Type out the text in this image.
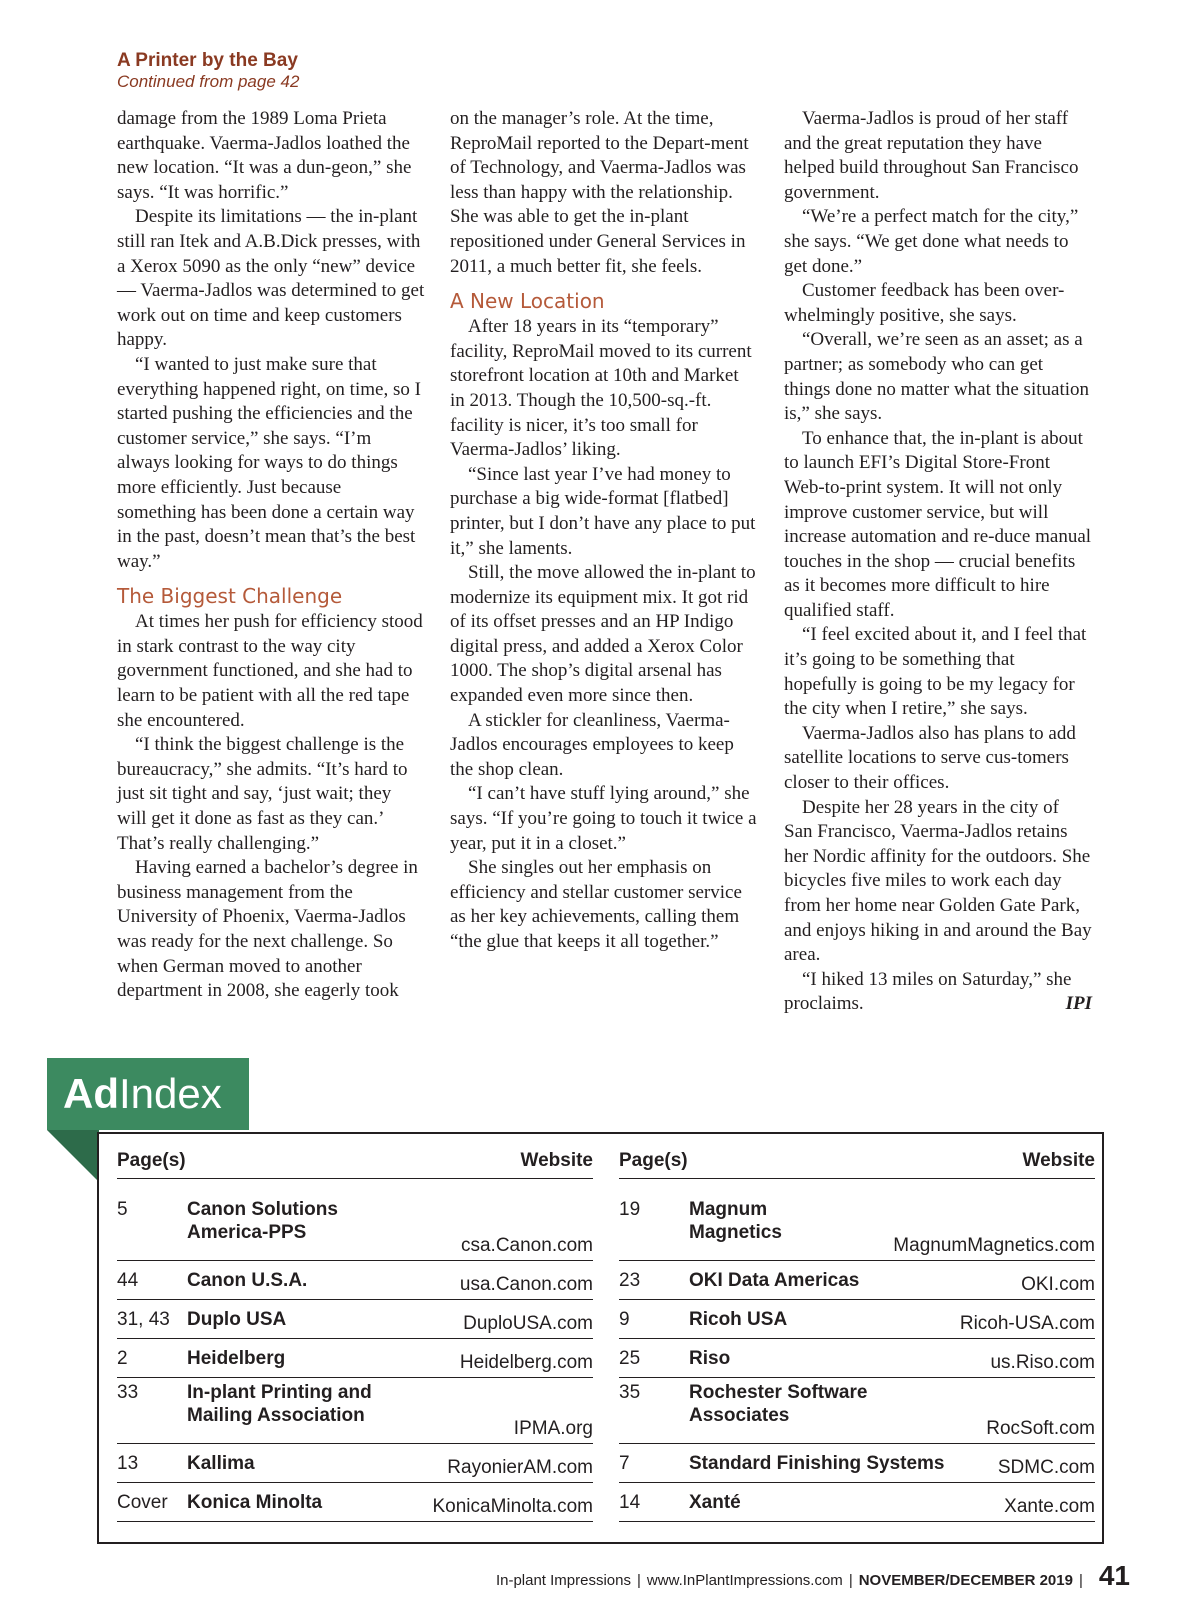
A Printer by the Bay
Continued from page 42

damage from the 1989 Loma Prieta earthquake. Vaerma-Jadlos loathed the new location. “It was a dun-geon,” she says. “It was horrific.”

Despite its limitations — the in-plant still ran Itek and A.B.Dick presses, with a Xerox 5090 as the only “new” device — Vaerma-Jadlos was determined to get work out on time and keep customers happy.

“I wanted to just make sure that everything happened right, on time, so I started pushing the efficiencies and the customer service,” she says. “I’m always looking for ways to do things more efficiently. Just because something has been done a certain way in the past, doesn’t mean that’s the best way.”

The Biggest Challenge

At times her push for efficiency stood in stark contrast to the way city government functioned, and she had to learn to be patient with all the red tape she encountered.

“I think the biggest challenge is the bureaucracy,” she admits. “It’s hard to just sit tight and say, ‘just wait; they will get it done as fast as they can.’ That’s really challenging.”

Having earned a bachelor’s degree in business management from the University of Phoenix, Vaerma-Jadlos was ready for the next challenge. So when German moved to another department in 2008, she eagerly took

on the manager’s role. At the time, ReproMail reported to the Depart-ment of Technology, and Vaerma-Jadlos was less than happy with the relationship. She was able to get the in-plant repositioned under General Services in 2011, a much better fit, she feels.

A New Location

After 18 years in its “temporary” facility, ReproMail moved to its current storefront location at 10th and Market in 2013. Though the 10,500-sq.-ft. facility is nicer, it’s too small for Vaerma-Jadlos’ liking.

“Since last year I’ve had money to purchase a big wide-format [flatbed] printer, but I don’t have any place to put it,” she laments.

Still, the move allowed the in-plant to modernize its equipment mix. It got rid of its offset presses and an HP Indigo digital press, and added a Xerox Color 1000. The shop’s digital arsenal has expanded even more since then.

A stickler for cleanliness, Vaerma-Jadlos encourages employees to keep the shop clean.

“I can’t have stuff lying around,” she says. “If you’re going to touch it twice a year, put it in a closet.”

She singles out her emphasis on efficiency and stellar customer service as her key achievements, calling them “the glue that keeps it all together.”

Vaerma-Jadlos is proud of her staff and the great reputation they have helped build throughout San Francisco government.

“We’re a perfect match for the city,” she says. “We get done what needs to get done.”

Customer feedback has been over-whelmingly positive, she says.

“Overall, we’re seen as an asset; as a partner; as somebody who can get things done no matter what the situation is,” she says.

To enhance that, the in-plant is about to launch EFI’s Digital Store-Front Web-to-print system. It will not only improve customer service, but will increase automation and re-duce manual touches in the shop — crucial benefits as it becomes more difficult to hire qualified staff.

“I feel excited about it, and I feel that it’s going to be something that hopefully is going to be my legacy for the city when I retire,” she says.

Vaerma-Jadlos also has plans to add satellite locations to serve cus-tomers closer to their offices.

Despite her 28 years in the city of San Francisco, Vaerma-Jadlos retains her Nordic affinity for the outdoors. She bicycles five miles to work each day from her home near Golden Gate Park, and enjoys hiking in and around the Bay area.

“I hiked 13 miles on Saturday,” she proclaims.	IPI

AdIndex
Page(s)	Website
5	Canon Solutions
America-PPS
csa.Canon.com
44	Canon U.S.A.	usa.Canon.com
31, 43 Duplo USA	DuploUSA.com
2	Heidelberg	Heidelberg.com
33	In-plant Printing and
Mailing Association
IPMA.org
13	Kallima	RayonierAM.com
Cover	Konica Minolta	KonicaMinolta.com
Page(s)	Website
19	Magnum
Magnetics
MagnumMagnetics.com
23	OKI Data Americas	OKI.com
9	Ricoh USA	Ricoh-USA.com
25	Riso	us.Riso.com
35	Rochester Software
Associates
RocSoft.com
7	Standard Finishing Systems	SDMC.com
14	Xanté	Xante.com
In-plant Impressions | www.InPlantImpressions.com | NOVEMBER/DECEMBER 2019 | 41
